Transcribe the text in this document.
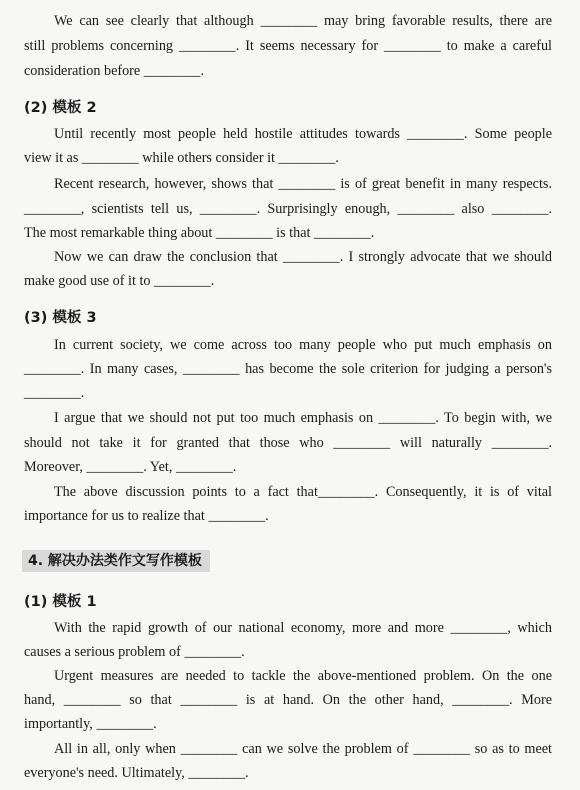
We can see clearly that although ________ may bring favorable results, there are
still problems concerning ________. It seems necessary for ________ to make a careful
consideration before ________.
(2) 模板 2
Until recently most people held hostile attitudes towards ________. Some people
view it as ________ while others consider it ________.
Recent research, however, shows that ________ is of great benefit in many respects.
________, scientists tell us, ________. Surprisingly enough, ________ also ________.
The most remarkable thing about ________ is that ________.
Now we can draw the conclusion that ________. I strongly advocate that we should
make good use of it to ________.
(3) 模板 3
In current society, we come across too many people who put much emphasis on
________. In many cases, ________ has become the sole criterion for judging a person's
________.
I argue that we should not put too much emphasis on ________. To begin with, we
should not take it for granted that those who ________ will naturally ________.
Moreover, ________. Yet, ________.
The above discussion points to a fact that________. Consequently, it is of vital
importance for us to realize that ________.
4. 解决办法类作文写作模板
(1) 模板 1
With the rapid growth of our national economy, more and more ________, which
causes a serious problem of ________.
Urgent measures are needed to tackle the above-mentioned problem. On the one
hand, ________ so that ________ is at hand. On the other hand, ________. More
importantly, ________.
All in all, only when ________ can we solve the problem of ________ so as to meet
everyone's need. Ultimately, ________.
